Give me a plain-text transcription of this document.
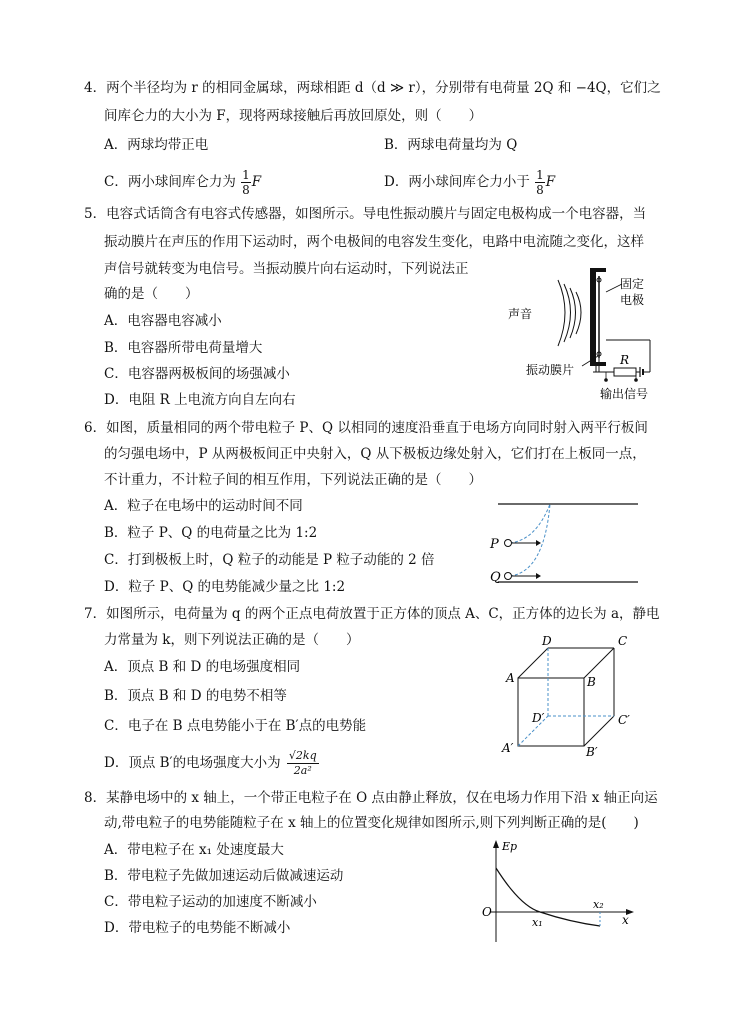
4．两个半径均为 r 的相同金属球，两球相距 d（d ≫ r），分别带有电荷量 2Q 和 −4Q，它们之
间库仑力的大小为 F，现将两球接触后再放回原处，则（　　）
A．两球均带正电	B．两球电荷量均为 Q
C．两小球间库仑力为 $\frac{1}{8}$ F	D．两小球间库仑力小于 $\frac{1}{8}$ F
5．电容式话筒含有电容式传感器，如图所示。导电性振动膜片与固定电极构成一个电容器，当
振动膜片在声压的作用下运动时，两个电极间的电容发生变化，电路中电流随之变化，这样
声信号就转变为电信号。当振动膜片向右运动时，下列说法正
确的是（　　）
A．电容器电容减小
B．电容器所带电荷量增大
C．电容器两极板间的场强减小
D．电阻 R 上电流方向自左向右
固定
电极
声音
R
振动膜片
输出信号
6．如图，质量相同的两个带电粒子 P、Q 以相同的速度沿垂直于电场方向同时射入两平行板间
的匀强电场中，P 从两极板间正中央射入，Q 从下极板边缘处射入，它们打在上板同一点，
不计重力，不计粒子间的相互作用，下列说法正确的是（　　）
A．粒子在电场中的运动时间不同
B．粒子 P、Q 的电荷量之比为 1:2
C．打到极板上时，Q 粒子的动能是 P 粒子动能的 2 倍
D．粒子 P、Q 的电势能减少量之比 1:2
P
Q
7．如图所示，电荷量为 q 的两个正点电荷放置于正方体的顶点 A、C，正方体的边长为 a，静电
力常量为 k，则下列说法正确的是（　　）
A．顶点 B 和 D 的电场强度相同
B．顶点 B 和 D 的电势不相等
C．电子在 B 点电势能小于在 B′点的电势能
D．顶点 B′的电场强度大小为 $\frac{√2kq}{\text{2a²}}$
D	C
A	B
D′	C′
A′	B′
8．某静电场中的 x 轴上，一个带正电粒子在 O 点由静止释放，仅在电场力作用下沿 x 轴正向运
动,带电粒子的电势能随粒子在 x 轴上的位置变化规律如图所示,则下列判断正确的是(　　)
A．带电粒子在 x₁ 处速度最大
B．带电粒子先做加速运动后做减速运动
C．带电粒子运动的加速度不断减小
D．带电粒子的电势能不断减小
Ep
O
x
x₁
x₂
